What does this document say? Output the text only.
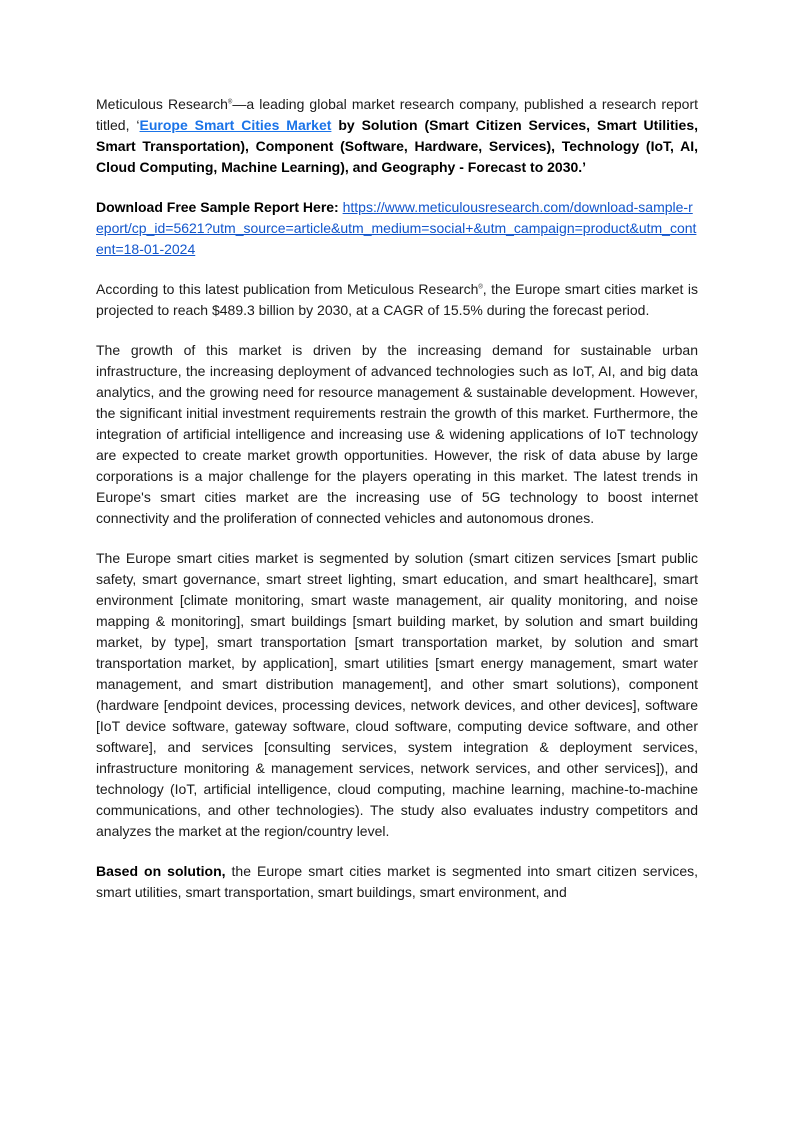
Meticulous Research®—a leading global market research company, published a research report titled, ‘Europe Smart Cities Market by Solution (Smart Citizen Services, Smart Utilities, Smart Transportation), Component (Software, Hardware, Services), Technology (IoT, AI, Cloud Computing, Machine Learning), and Geography - Forecast to 2030.’

Download Free Sample Report Here: https://www.meticulousresearch.com/download-sample-report/cp_id=5621?utm_source=article&utm_medium=social+&utm_campaign=product&utm_content=18-01-2024

According to this latest publication from Meticulous Research®, the Europe smart cities market is projected to reach $489.3 billion by 2030, at a CAGR of 15.5% during the forecast period.

The growth of this market is driven by the increasing demand for sustainable urban infrastructure, the increasing deployment of advanced technologies such as IoT, AI, and big data analytics, and the growing need for resource management & sustainable development. However, the significant initial investment requirements restrain the growth of this market. Furthermore, the integration of artificial intelligence and increasing use & widening applications of IoT technology are expected to create market growth opportunities. However, the risk of data abuse by large corporations is a major challenge for the players operating in this market. The latest trends in Europe's smart cities market are the increasing use of 5G technology to boost internet connectivity and the proliferation of connected vehicles and autonomous drones.

The Europe smart cities market is segmented by solution (smart citizen services [smart public safety, smart governance, smart street lighting, smart education, and smart healthcare], smart environment [climate monitoring, smart waste management, air quality monitoring, and noise mapping & monitoring], smart buildings [smart building market, by solution and smart building market, by type], smart transportation [smart transportation market, by solution and smart transportation market, by application], smart utilities [smart energy management, smart water management, and smart distribution management], and other smart solutions), component (hardware [endpoint devices, processing devices, network devices, and other devices], software [IoT device software, gateway software, cloud software, computing device software, and other software], and services [consulting services, system integration & deployment services, infrastructure monitoring & management services, network services, and other services]), and technology (IoT, artificial intelligence, cloud computing, machine learning, machine-to-machine communications, and other technologies). The study also evaluates industry competitors and analyzes the market at the region/country level.

Based on solution, the Europe smart cities market is segmented into smart citizen services, smart utilities, smart transportation, smart buildings, smart environment, and
